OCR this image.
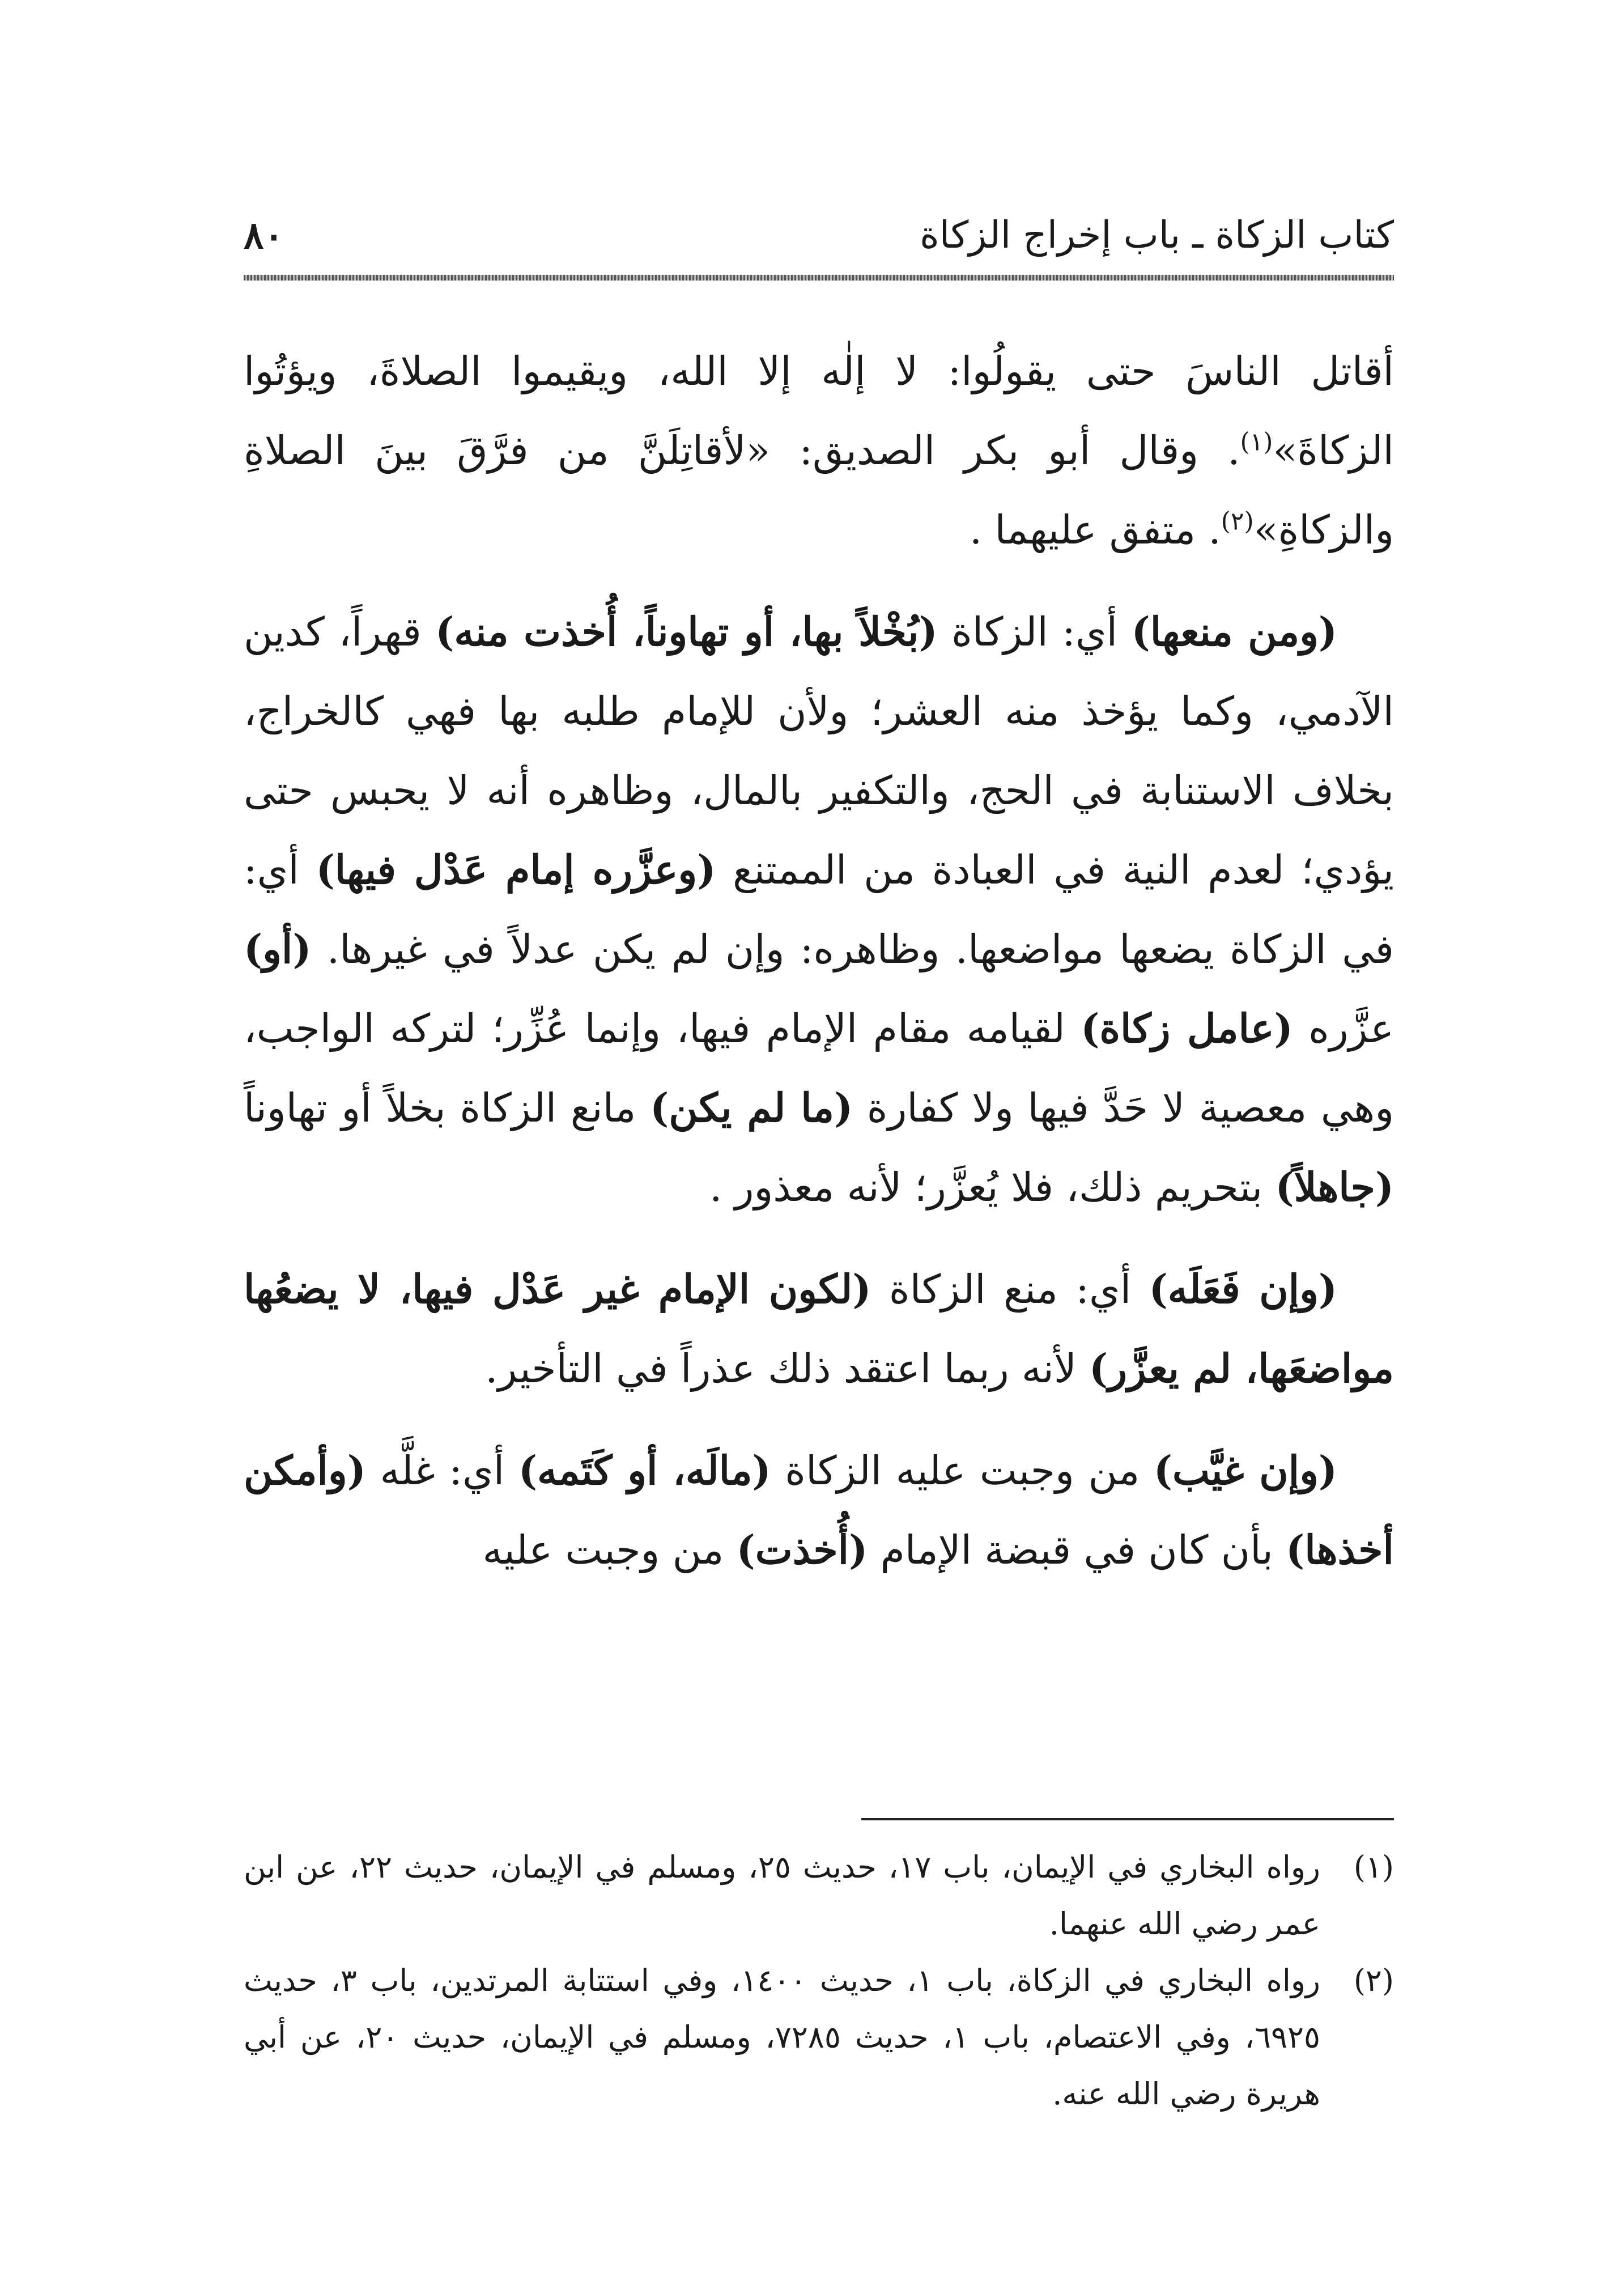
كتاب الزكاة ـ باب إخراج الزكاة
٨٠

أقاتل الناسَ حتى يقولُوا: لا إلٰه إلا الله، ويقيموا الصلاةَ، ويؤتُوا الزكاةَ»$^{(١)}$. وقال أبو بكر الصديق: «لأقاتِلَنَّ من فرَّقَ بينَ الصلاةِ والزكاةِ»$^{(٢)}$. متفق عليهما .

(ومن منعها) أي: الزكاة (بُخْلاً بها، أو تهاوناً، أُخذت منه) قهراً، كدين الآدمي، وكما يؤخذ منه العشر؛ ولأن للإمام طلبه بها فهي كالخراج، بخلاف الاستنابة في الحج، والتكفير بالمال، وظاهره أنه لا يحبس حتى يؤدي؛ لعدم النية في العبادة من الممتنع (وعزَّره إمام عَدْل فيها) أي: في الزكاة يضعها مواضعها. وظاهره: وإن لم يكن عدلاً في غيرها. (أو) عزَّره (عامل زكاة) لقيامه مقام الإمام فيها، وإنما عُزِّر؛ لتركه الواجب، وهي معصية لا حَدَّ فيها ولا كفارة (ما لم يكن) مانع الزكاة بخلاً أو تهاوناً (جاهلاً) بتحريم ذلك، فلا يُعزَّر؛ لأنه معذور .

(وإن فَعَلَه) أي: منع الزكاة (لكون الإمام غير عَدْل فيها، لا يضعُها مواضعَها، لم يعزَّر) لأنه ربما اعتقد ذلك عذراً في التأخير.

(وإن غيَّب) من وجبت عليه الزكاة (مالَه، أو كَتَمه) أي: غلَّه (وأمكن أخذها) بأن كان في قبضة الإمام (أُخذت) من وجبت عليه

(١)
رواه البخاري في الإيمان، باب ١٧، حديث ٢٥، ومسلم في الإيمان، حديث ٢٢، عن ابن عمر رضي الله عنهما.
(٢)
رواه البخاري في الزكاة، باب ١، حديث ١٤٠٠، وفي استتابة المرتدين، باب ٣، حديث ٦٩٢٥، وفي الاعتصام، باب ١، حديث ٧٢٨٥، ومسلم في الإيمان، حديث ٢٠، عن أبي هريرة رضي الله عنه.
